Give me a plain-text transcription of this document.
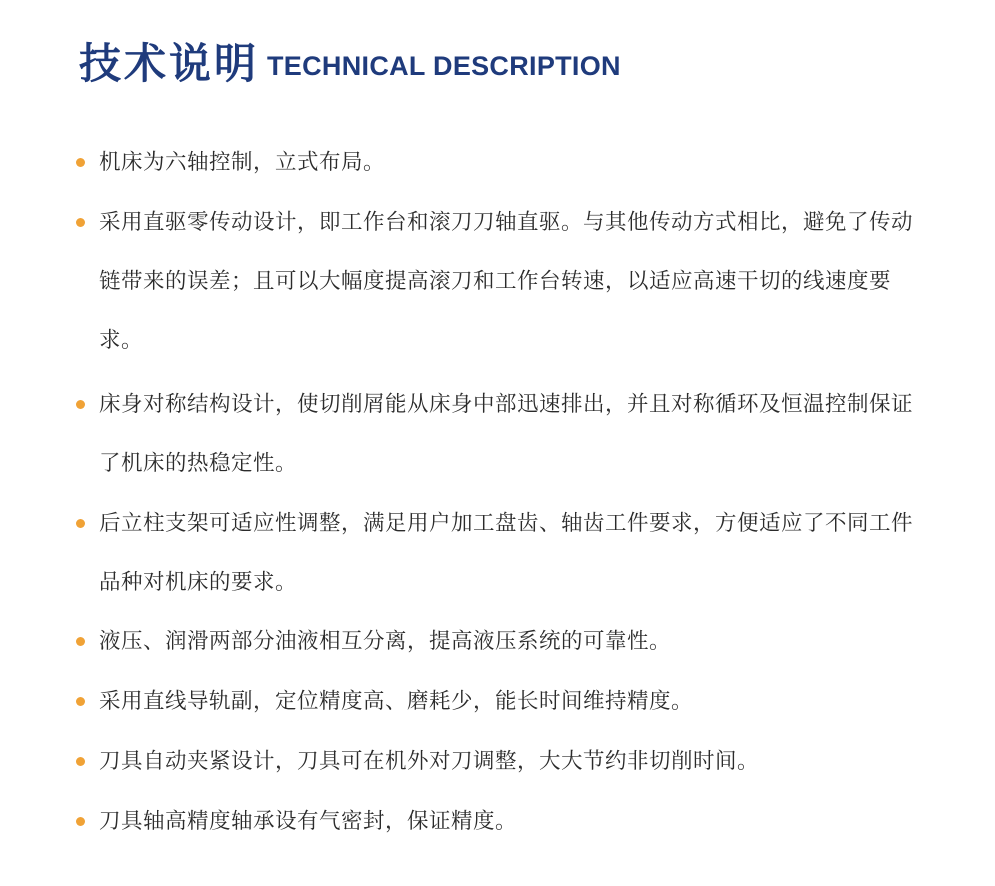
技术说明 TECHNICAL DESCRIPTION
机床为六轴控制，立式布局。
采用直驱零传动设计，即工作台和滚刀刀轴直驱。与其他传动方式相比，避免了传动链带来的误差；且可以大幅度提高滚刀和工作台转速，以适应高速干切的线速度要求。
床身对称结构设计，使切削屑能从床身中部迅速排出，并且对称循环及恒温控制保证了机床的热稳定性。
后立柱支架可适应性调整，满足用户加工盘齿、轴齿工件要求，方便适应了不同工件品种对机床的要求。
液压、润滑两部分油液相互分离，提高液压系统的可靠性。
采用直线导轨副，定位精度高、磨耗少，能长时间维持精度。
刀具自动夹紧设计，刀具可在机外对刀调整，大大节约非切削时间。
刀具轴高精度轴承设有气密封，保证精度。
